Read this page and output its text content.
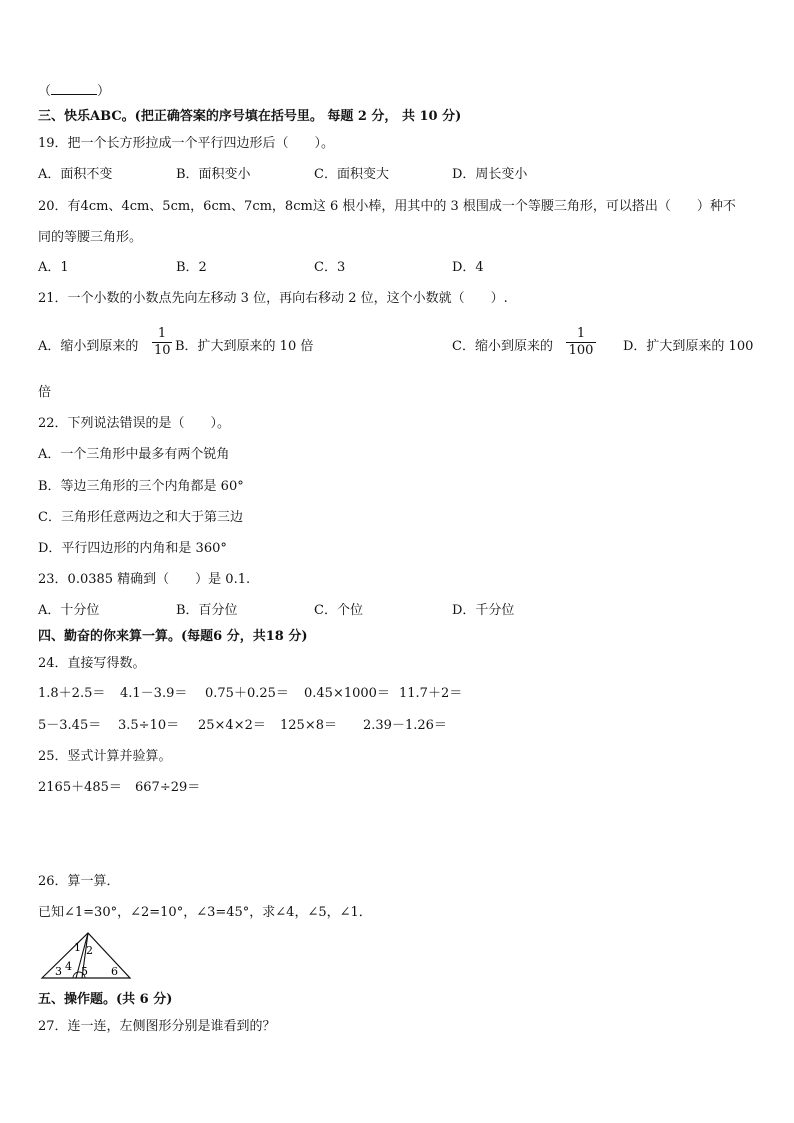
（	）
三、快乐ABC。(把正确答案的序号填在括号里。 每题 2 分， 共 10 分)
19．把一个长方形拉成一个平行四边形后（　　）。
A．面积不变	B．面积变小	C．面积变大	D．周长变小
20．有4cm、4cm、5cm，6cm、7cm，8cm这 6 根小棒，用其中的 3 根围成一个等腰三角形，可以搭出（　　）种不
同的等腰三角形。
A．1	B．2	C．3	D．4
21．一个小数的小数点先向左移动 3 位，再向右移动 2 位，这个小数就（　　）.
A．缩小到原来的 $\frac{1}{10}$ B．扩大到原来的 10 倍	C．缩小到原来的 $\frac{1}{100}$ D．扩大到原来的 100
倍
22．下列说法错误的是（　　）。
A．一个三角形中最多有两个锐角
B．等边三角形的三个内角都是 60°
C．三角形任意两边之和大于第三边
D．平行四边形的内角和是 360°
23．0.0385 精确到（　　）是 0.1.
A．十分位	B．百分位	C．个位	D．千分位
四、勤奋的你来算一算。(每题6 分，共18 分)
24．直接写得数。
1.8＋2.5＝ 4.1－3.9＝ 0.75＋0.25＝ 0.45×1000＝ 11.7＋2＝
5－3.45＝ 3.5÷10＝ 25×4×2＝ 125×8＝ 2.39－1.26＝
25．竖式计算并验算。
2165＋485＝ 667÷29＝
26．算一算．
已知∠1=30°，∠2=10°，∠3=45°，求∠4，∠5，∠1．
1 2
3 4 5 6
五、操作题。(共 6 分)
27．连一连，左侧图形分别是谁看到的？
